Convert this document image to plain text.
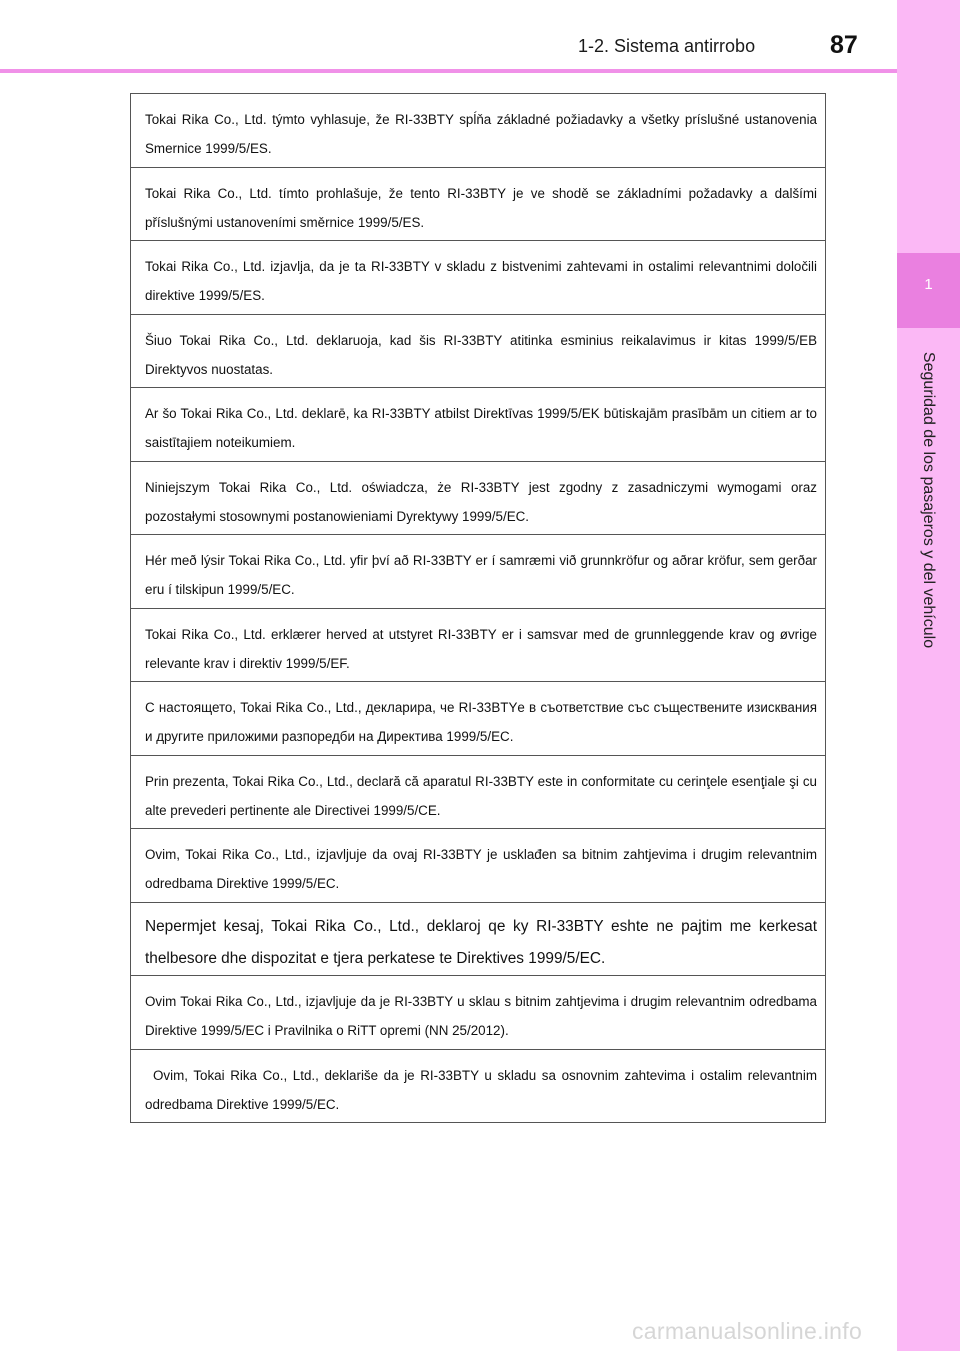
1-2. Sistema antirrobo	87
1
Seguridad de los pasajeros y del vehículo
Tokai Rika Co., Ltd. týmto vyhlasuje, že RI-33BTY spĺňa základné požiadavky a všetky príslušné ustanovenia Smernice 1999/5/ES.
Tokai Rika Co., Ltd. tímto prohlašuje, že tento RI-33BTY je ve shodě se základními požadavky a dalšími příslušnými ustanoveními směrnice 1999/5/ES.
Tokai Rika Co., Ltd. izjavlja, da je ta RI-33BTY v skladu z bistvenimi zahtevami in ostalimi relevantnimi določili direktive 1999/5/ES.
Šiuo Tokai Rika Co., Ltd. deklaruoja, kad šis RI-33BTY atitinka esminius reikalavimus ir kitas 1999/5/EB Direktyvos nuostatas.
Ar šo Tokai Rika Co., Ltd. deklarē, ka RI-33BTY atbilst Direktīvas 1999/5/EK būtiskajām prasībām un citiem ar to saistītajiem noteikumiem.
Niniejszym Tokai Rika Co., Ltd. oświadcza, że RI-33BTY jest zgodny z zasadniczymi wymogami oraz pozostałymi stosownymi postanowieniami Dyrektywy 1999/5/EC.
Hér með lýsir Tokai Rika Co., Ltd. yfir því að RI-33BTY er í samræmi við grunnkröfur og aðrar kröfur, sem gerðar eru í tilskipun 1999/5/EC.
Tokai Rika Co., Ltd. erklærer herved at utstyret RI-33BTY er i samsvar med de grunnleggende krav og øvrige relevante krav i direktiv 1999/5/EF.
С настоящето, Tokai Rika Co., Ltd., декларира, че RI-33BTYе в съответствие със съществените изисквания и другите приложими разпоредби на Директива 1999/5/EC.
Prin prezenta, Tokai Rika Co., Ltd., declară că aparatul RI-33BTY este in conformitate cu cerinţele esenţiale şi cu alte prevederi pertinente ale Directivei 1999/5/CE.
Ovim, Tokai Rika Co., Ltd., izjavljuje da ovaj RI-33BTY je usklađen sa bitnim zahtjevima i drugim relevantnim odredbama Direktive 1999/5/EC.
Nepermjet kesaj, Tokai Rika Co., Ltd., deklaroj qe ky RI-33BTY eshte ne pajtim me kerkesat thelbesore dhe dispozitat e tjera perkatese te Direktives 1999/5/EC.
Ovim Tokai Rika Co., Ltd., izjavljuje da je RI-33BTY u sklau s bitnim zahtjevima i drugim relevantnim odredbama Direktive 1999/5/EC i Pravilnika o RiTT opremi (NN 25/2012).
Ovim, Tokai Rika Co., Ltd., deklariše da je RI-33BTY u skladu sa osnovnim zahtevima i ostalim relevantnim odredbama Direktive 1999/5/EC.
carmanualsonline.info
